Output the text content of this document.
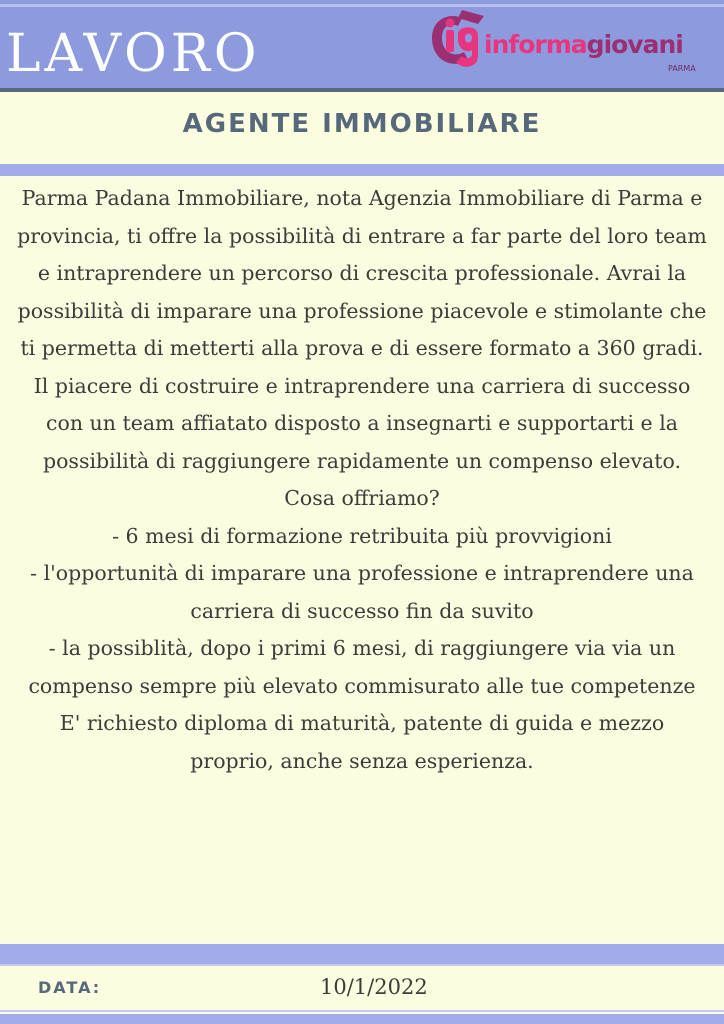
LAVORO	informagiovani
PARMA
AGENTE IMMOBILIARE

Parma Padana Immobiliare, nota Agenzia Immobiliare di Parma e provincia, ti offre la possibilità di entrare a far parte del loro team e intraprendere un percorso di crescita professionale. Avrai la possibilità di imparare una professione piacevole e stimolante che ti permetta di metterti alla prova e di essere formato a 360 gradi. Il piacere di costruire e intraprendere una carriera di successo con un team affiatato disposto a insegnarti e supportarti e la possibilità di raggiungere rapidamente un compenso elevato.

Cosa offriamo?

- 6 mesi di formazione retribuita più provvigioni

- l'opportunità di imparare una professione e intraprendere una carriera di successo fin da suvito

- la possiblità, dopo i primi 6 mesi, di raggiungere via via un compenso sempre più elevato commisurato alle tue competenze

E' richiesto diploma di maturità, patente di guida e mezzo proprio, anche senza esperienza.

DATA:	10/1/2022
